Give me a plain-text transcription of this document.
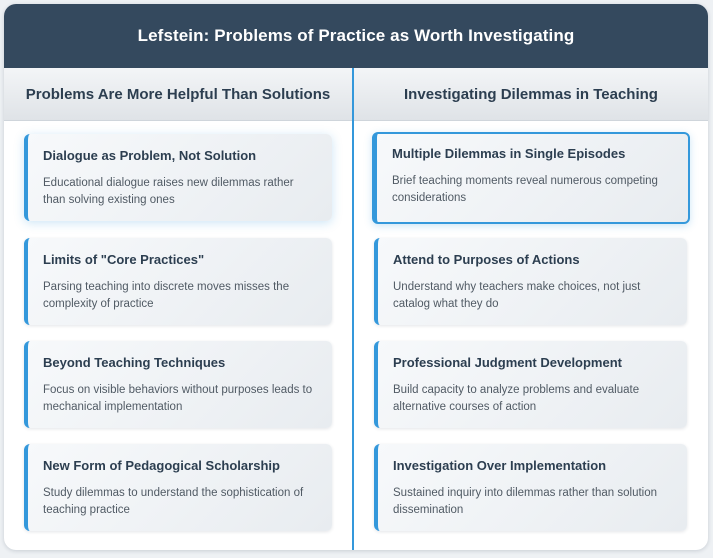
Lefstein: Problems of Practice as Worth Investigating
Problems Are More Helpful Than Solutions	Investigating Dilemmas in Teaching
Dialogue as Problem, Not Solution
Educational dialogue raises new dilemmas rather than solving existing ones
Limits of "Core Practices"
Parsing teaching into discrete moves misses the complexity of practice
Beyond Teaching Techniques
Focus on visible behaviors without purposes leads to mechanical implementation
New Form of Pedagogical Scholarship
Study dilemmas to understand the sophistication of teaching practice
Multiple Dilemmas in Single Episodes
Brief teaching moments reveal numerous competing considerations
Attend to Purposes of Actions
Understand why teachers make choices, not just catalog what they do
Professional Judgment Development
Build capacity to analyze problems and evaluate alternative courses of action
Investigation Over Implementation
Sustained inquiry into dilemmas rather than solution dissemination
